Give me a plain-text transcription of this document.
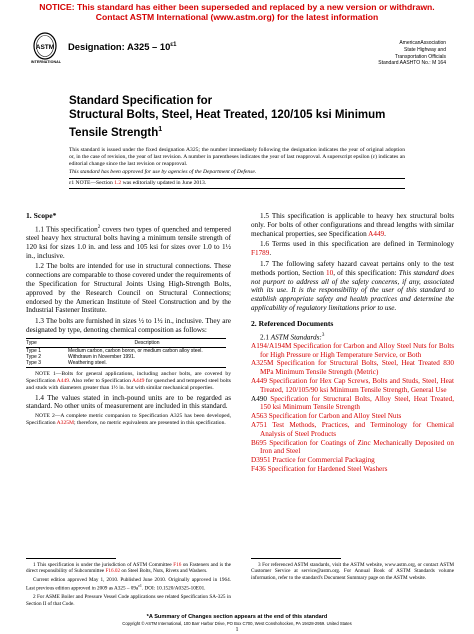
NOTICE: This standard has either been superseded and replaced by a new version or withdrawn.
Contact ASTM International (www.astm.org) for the latest information
ASTM
INTERNATIONAL
Designation: $A325 - 10^{\varepsilon 1}$	AmericanAssociation
State Highway and
Transportation Officials
Standard AASHTO No.: M 164
Standard Specification for
Structural Bolts, Steel, Heat Treated, 120/105 ksi Minimum
Tensile Strength$^1$
This standard is issued under the fixed designation A325; the number immediately following the designation indicates the year of original adoption or, in the case of revision, the year of last revision. A number in parentheses indicates the year of last reapproval. A superscript epsilon (ε) indicates an editorial change since the last revision or reapproval.
This standard has been approved for use by agencies of the Department of Defense.
ε1 NOTE—Section 1.2 was editorially updated in June 2013.

1. Scope*

1.1 This specification$^2$ covers two types of quenched and tempered steel heavy hex structural bolts having a minimum tensile strength of 120 ksi for sizes 1.0 in. and less and 105 ksi for sizes over 1.0 to 1½ in., inclusive.

1.2 The bolts are intended for use in structural connections. These connections are comparable to those covered under the requirements of the Specification for Structural Joints Using High-Strength Bolts, approved by the Research Council on Structural Connections; endorsed by the American Institute of Steel Construction and by the Industrial Fastener Institute.

1.3 The bolts are furnished in sizes ½ to 1½ in., inclusive. They are designated by type, denoting chemical composition as follows:

Type	Description
Type 1	Medium carbon, carbon boron, or medium carbon alloy steel.
Type 2	Withdrawn in November 1991.
Type 3	Weathering steel.

NOTE 1—Bolts for general applications, including anchor bolts, are covered by Specification A449. Also refer to Specification A449 for quenched and tempered steel bolts and studs with diameters greater than 1½ in. but with similar mechanical properties.

1.4 The values stated in inch-pound units are to be regarded as standard. No other units of measurement are included in this standard.

NOTE 2—A complete metric companion to Specification A325 has been developed, Specification A325M; therefore, no metric equivalents are presented in this specification.

1.5 This specification is applicable to heavy hex structural bolts only. For bolts of other configurations and thread lengths with similar mechanical properties, see Specification A449.

1.6 Terms used in this specification are defined in Terminology F1789.

1.7 The following safety hazard caveat pertains only to the test methods portion, Section 10, of this specification: This standard does not purport to address all of the safety concerns, if any, associated with its use. It is the responsibility of the user of this standard to establish appropriate safety and health practices and determine the applicability of regulatory limitations prior to use.

2. Referenced Documents

2.1 ASTM Standards:$^3$

A194/A194M Specification for Carbon and Alloy Steel Nuts for Bolts for High Pressure or High Temperature Service, or Both
A325M Specification for Structural Bolts, Steel, Heat Treated 830 MPa Minimum Tensile Strength (Metric)
A449 Specification for Hex Cap Screws, Bolts and Studs, Steel, Heat Treated, 120/105/90 ksi Minimum Tensile Strength, General Use
A490 Specification for Structural Bolts, Alloy Steel, Heat Treated, 150 ksi Minimum Tensile Strength
A563 Specification for Carbon and Alloy Steel Nuts
A751 Test Methods, Practices, and Terminology for Chemical Analysis of Steel Products
B695 Specification for Coatings of Zinc Mechanically Deposited on Iron and Steel
D3951 Practice for Commercial Packaging
F436 Specification for Hardened Steel Washers

1 This specification is under the jurisdiction of ASTM Committee F16 on Fasteners and is the direct responsibility of Subcommittee F16.02 on Steel Bolts, Nuts, Rivets and Washers.

Current edition approved May 1, 2010. Published June 2010. Originally approved in 1964. Last previous edition approved in 2009 as $A325 - 09a^{\varepsilon 1}$. DOI: 10.1520/A0325-10E01.

2 For ASME Boiler and Pressure Vessel Code applications see related Specification SA-325 in Section II of that Code.

3 For referenced ASTM standards, visit the ASTM website, www.astm.org, or contact ASTM Customer Service at service@astm.org. For Annual Book of ASTM Standards volume information, refer to the standard's Document Summary page on the ASTM website.

*A Summary of Changes section appears at the end of this standard
Copyright © ASTM International, 100 Barr Harbor Drive, PO Box C700, West Conshohocken, PA 19428-2959. United States
1
